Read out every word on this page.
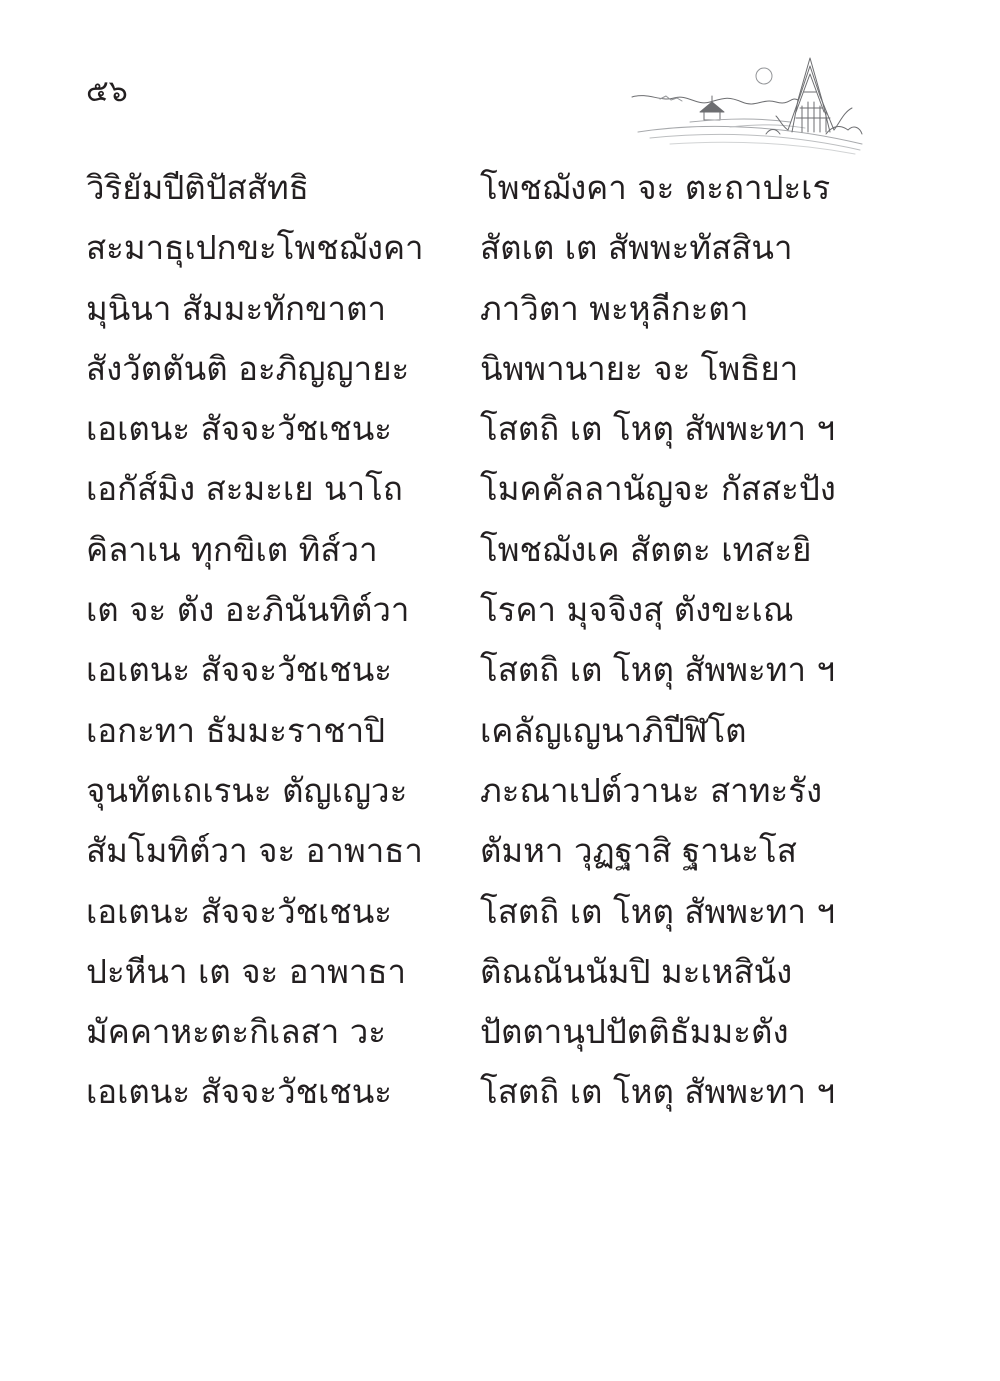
๕๖
วิริยัมปีติปัสสัทธิ
สะมาธุเปกขะโพชฌังคา
มุนินา สัมมะทักขาตา
สังวัตตันติ อะภิญญายะ
เอเตนะ สัจจะวัชเชนะ
เอกัส์มิง สะมะเย นาโถ
คิลาเน ทุกขิเต ทิส์วา
เต จะ ตัง อะภินันทิต์วา
เอเตนะ สัจจะวัชเชนะ
เอกะทา ธัมมะราชาปิ
จุนทัตเถเรนะ ตัญเญวะ
สัมโมทิต์วา จะ อาพาธา
เอเตนะ สัจจะวัชเชนะ
ปะหีนา เต จะ อาพาธา
มัคคาหะตะกิเลสา วะ
เอเตนะ สัจจะวัชเชนะ
โพชฌังคา จะ ตะถาปะเร
สัตเต เต สัพพะทัสสินา
ภาวิตา พะหุลีกะตา
นิพพานายะ จะ โพธิยา
โสตถิ เต โหตุ สัพพะทา ฯ
โมคคัลลานัญจะ กัสสะปัง
โพชฌังเค สัตตะ เทสะยิ
โรคา มุจจิงสุ ตังขะเณ
โสตถิ เต โหตุ สัพพะทา ฯ
เคลัญเญนาภิปีฬิโต
ภะณาเปต์วานะ สาทะรัง
ตัมหา วุฏฐาสิ ฐานะโส
โสตถิ เต โหตุ สัพพะทา ฯ
ติณณันนัมปิ มะเหสินัง
ปัตตานุปปัตติธัมมะตัง
โสตถิ เต โหตุ สัพพะทา ฯ
